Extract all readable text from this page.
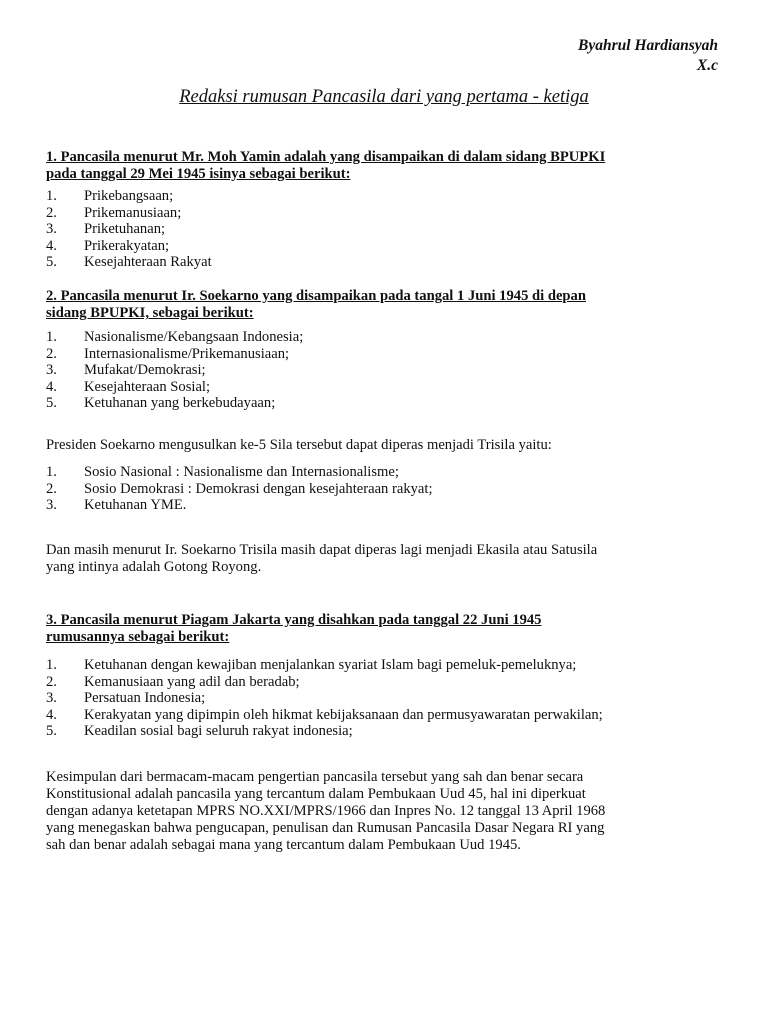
Byahrul Hardiansyah
X.c
Redaksi rumusan Pancasila dari yang pertama - ketiga
1. Pancasila menurut Mr. Moh Yamin adalah yang disampaikan di dalam sidang BPUPKI
pada tanggal 29 Mei 1945 isinya sebagai berikut:
1.	Prikebangsaan;
2.	Prikemanusiaan;
3.	Priketuhanan;
4.	Prikerakyatan;
5.	Kesejahteraan Rakyat
2. Pancasila menurut Ir. Soekarno yang disampaikan pada tangal 1 Juni 1945 di depan
sidang BPUPKI, sebagai berikut:
1.	Nasionalisme/Kebangsaan Indonesia;
2.	Internasionalisme/Prikemanusiaan;
3.	Mufakat/Demokrasi;
4.	Kesejahteraan Sosial;
5.	Ketuhanan yang berkebudayaan;

Presiden Soekarno mengusulkan ke-5 Sila tersebut dapat diperas menjadi Trisila yaitu:

1.	Sosio Nasional : Nasionalisme dan Internasionalisme;
2.	Sosio Demokrasi : Demokrasi dengan kesejahteraan rakyat;
3.	Ketuhanan YME.
Dan masih menurut Ir. Soekarno Trisila masih dapat diperas lagi menjadi Ekasila atau Satusila
yang intinya adalah Gotong Royong.
3. Pancasila menurut Piagam Jakarta yang disahkan pada tanggal 22 Juni 1945
rumusannya sebagai berikut:
1.	Ketuhanan dengan kewajiban menjalankan syariat Islam bagi pemeluk-pemeluknya;
2.	Kemanusiaan yang adil dan beradab;
3.	Persatuan Indonesia;
4.	Kerakyatan yang dipimpin oleh hikmat kebijaksanaan dan permusyawaratan perwakilan;
5.	Keadilan sosial bagi seluruh rakyat indonesia;
Kesimpulan dari bermacam-macam pengertian pancasila tersebut yang sah dan benar secara
Konstitusional adalah pancasila yang tercantum dalam Pembukaan Uud 45, hal ini diperkuat
dengan adanya ketetapan MPRS NO.XXI/MPRS/1966 dan Inpres No. 12 tanggal 13 April 1968
yang menegaskan bahwa pengucapan, penulisan dan Rumusan Pancasila Dasar Negara RI yang
sah dan benar adalah sebagai mana yang tercantum dalam Pembukaan Uud 1945.
